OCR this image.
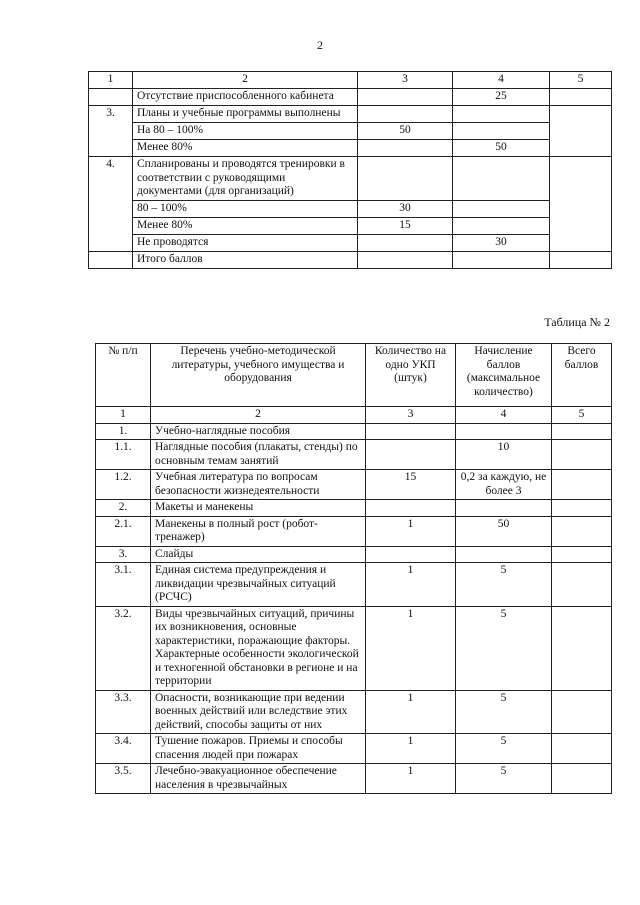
2
1	2	3	4	5
	Отсутствие приспособленного кабинета		25	
3.	Планы и учебные программы выполнены			
	На 80 – 100%	50		
	Менее 80%		50	
4.	Спланированы и проводятся тренировки в соответствии с руководящими документами (для организаций)			
	80 – 100%	30		
	Менее 80%	15		
	Не проводятся		30	
	Итого баллов			
Таблица № 2
№ п/п	Перечень учебно-методической литературы, учебного имущества и оборудования	Количество на одно УКП (штук)	Начисление баллов (максимальное количество)	Всего баллов
1	2	3	4	5
1.	Учебно-наглядные пособия			
1.1.	Наглядные пособия (плакаты, стенды) по основным темам занятий		10	
1.2.	Учебная литература по вопросам безопасности жизнедеятельности	15	0,2 за каждую, не более 3	
2.	Макеты и манекены			
2.1.	Манекены в полный рост (робот-тренажер)	1	50	
3.	Слайды			
3.1.	Единая система предупреждения и ликвидации чрезвычайных ситуаций (РСЧС)	1	5	
3.2.	Виды чрезвычайных ситуаций, причины их возникновения, основные характеристики, поражающие факторы. Характерные особенности экологической и техногенной обстановки в регионе и на территории	1	5	
3.3.	Опасности, возникающие при ведении военных действий или вследствие этих действий, способы защиты от них	1	5	
3.4.	Тушение пожаров. Приемы и способы спасения людей при пожарах	1	5	
3.5.	Лечебно-эвакуационное обеспечение населения в чрезвычайных	1	5	
